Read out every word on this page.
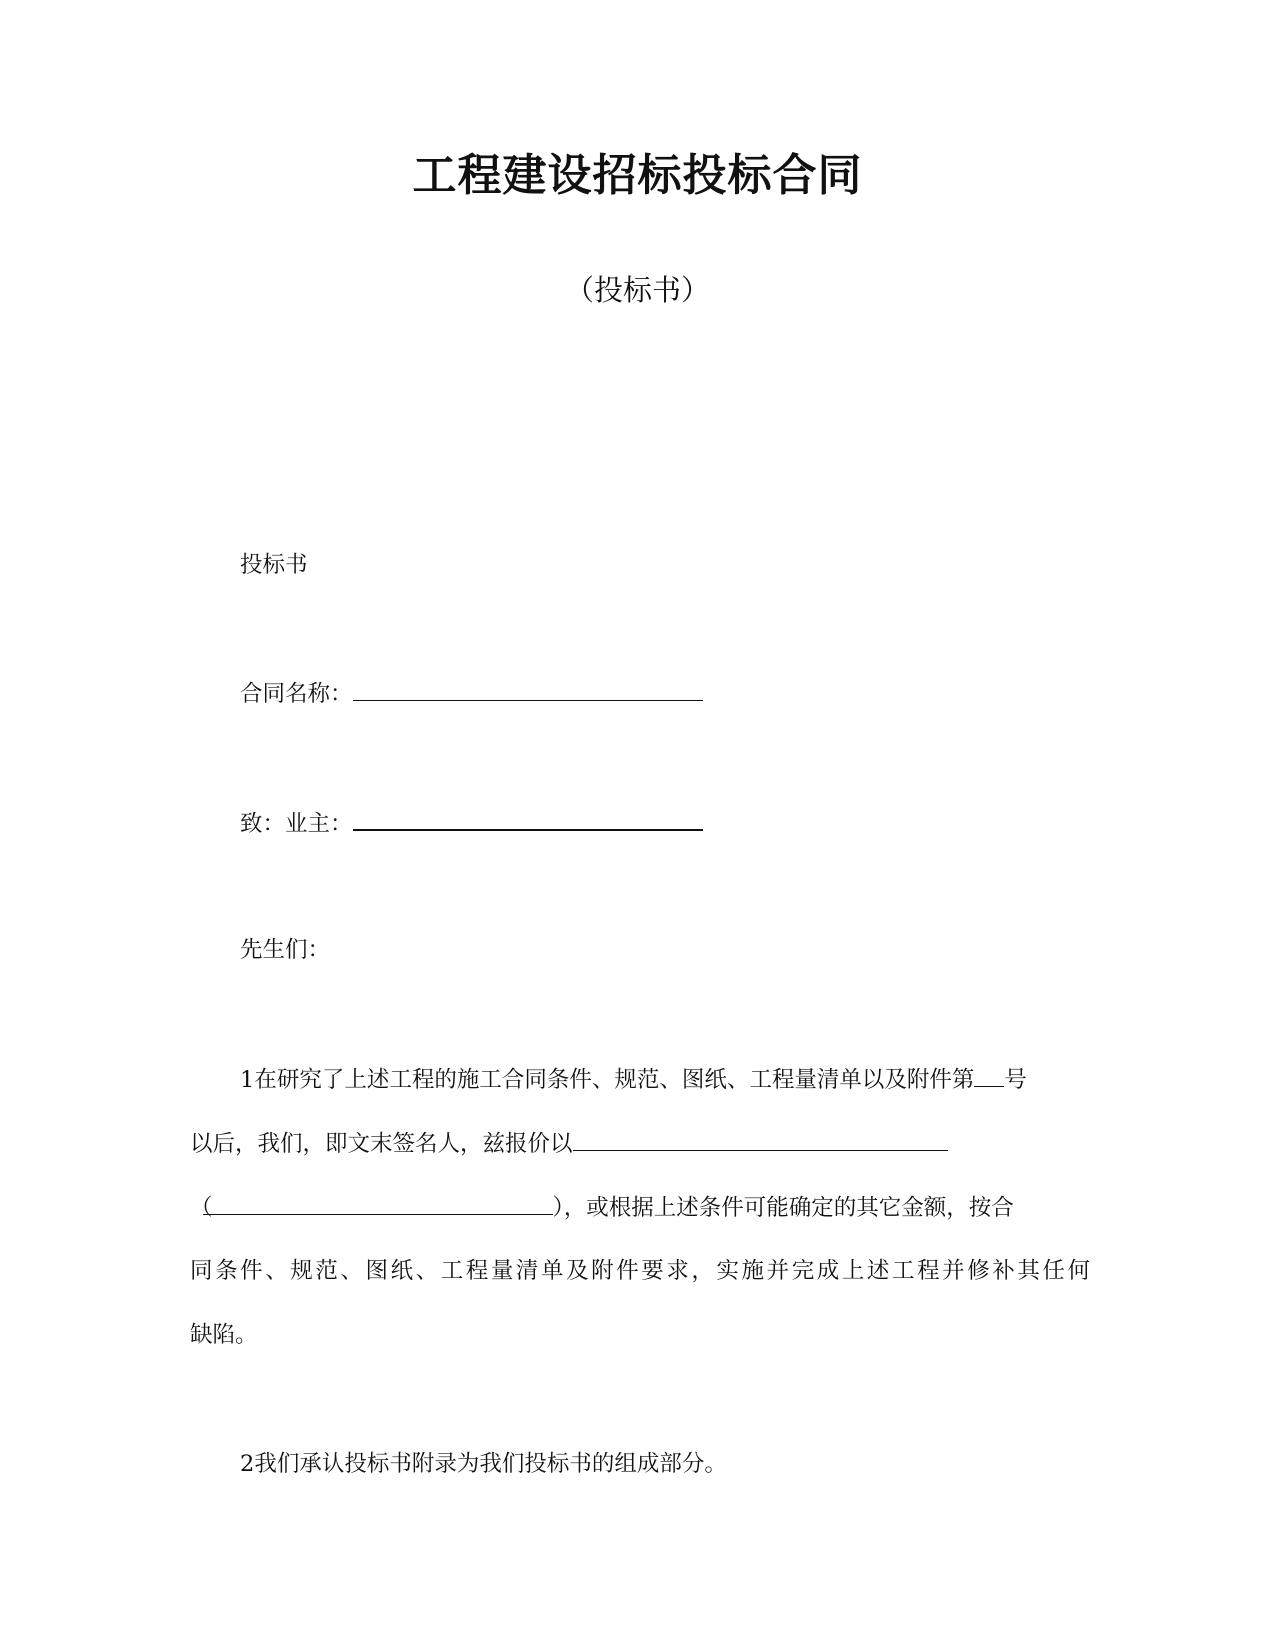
工程建设招标投标合同
（投标书）
投标书
合同名称：
致：业主：
先生们：
1在研究了上述工程的施工合同条件、规范、图纸、工程量清单以及附件第 号
以后，我们，即文末签名人，兹报价以
（	），或根据上述条件可能确定的其它金额，按合
同条件、规范、图纸、工程量清单及附件要求，实施并完成上述工程并修补其任何
缺陷。
2我们承认投标书附录为我们投标书的组成部分。
